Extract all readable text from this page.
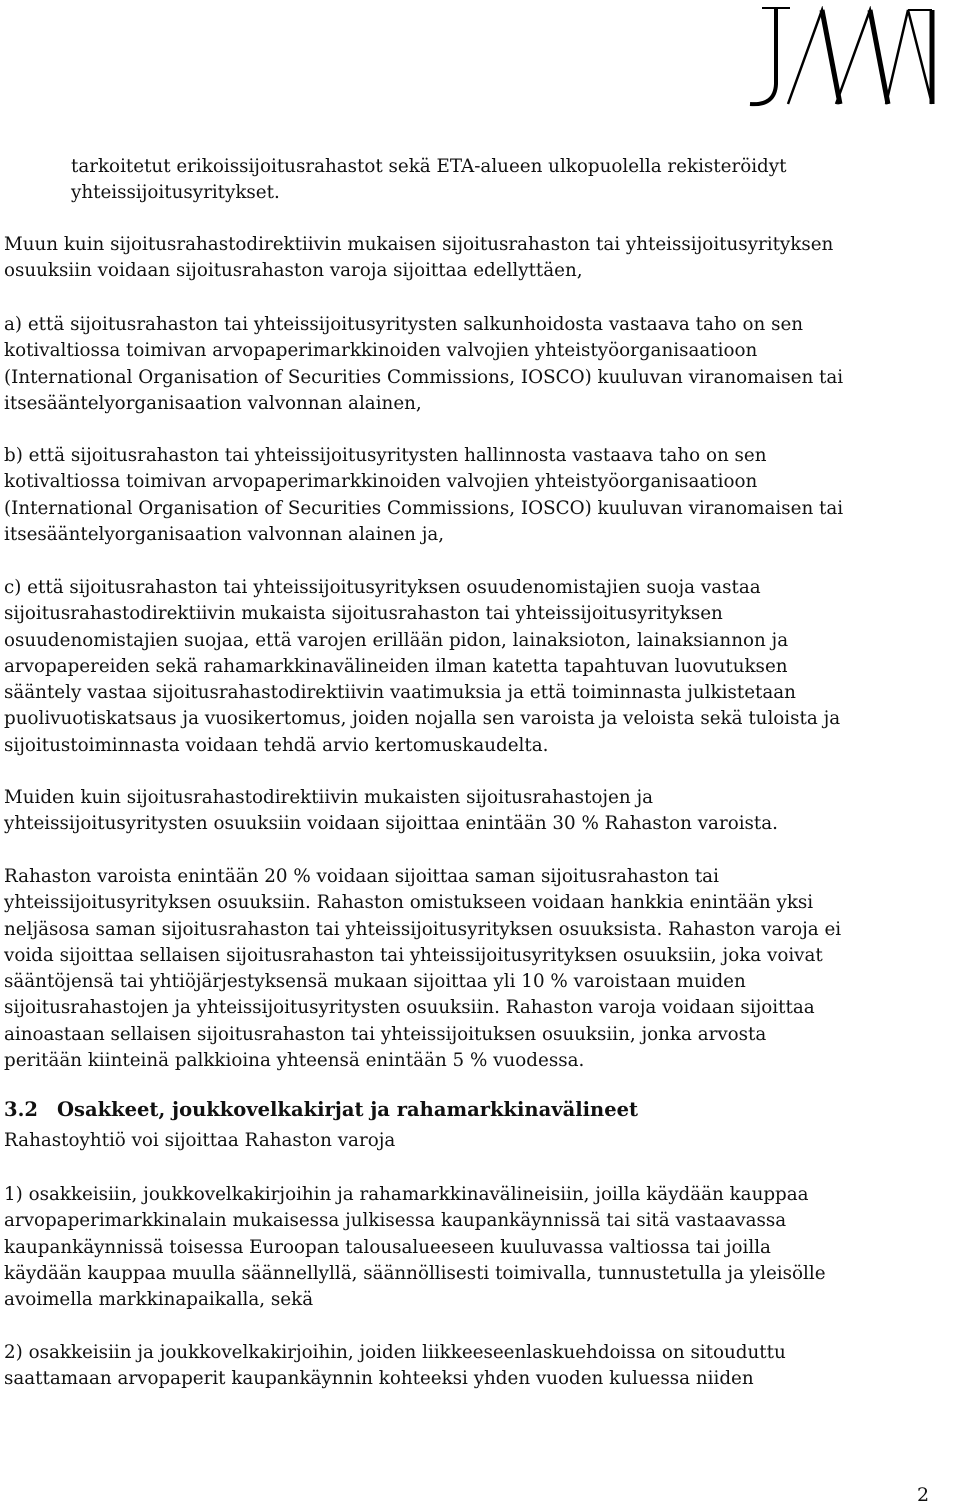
tarkoitetut erikoissijoitusrahastot sekä ETA-alueen ulkopuolella rekisteröidyt
yhteissijoitusyritykset.

Muun kuin sijoitusrahastodirektiivin mukaisen sijoitusrahaston tai yhteissijoitusyrityksen
osuuksiin voidaan sijoitusrahaston varoja sijoittaa edellyttäen,

a) että sijoitusrahaston tai yhteissijoitusyritysten salkunhoidosta vastaava taho on sen
kotivaltiossa toimivan arvopaperimarkkinoiden valvojien yhteistyöorganisaatioon
(International Organisation of Securities Commissions, IOSCO) kuuluvan viranomaisen tai
itsesääntelyorganisaation valvonnan alainen,

b) että sijoitusrahaston tai yhteissijoitusyritysten hallinnosta vastaava taho on sen
kotivaltiossa toimivan arvopaperimarkkinoiden valvojien yhteistyöorganisaatioon
(International Organisation of Securities Commissions, IOSCO) kuuluvan viranomaisen tai
itsesääntelyorganisaation valvonnan alainen ja,

c) että sijoitusrahaston tai yhteissijoitusyrityksen osuudenomistajien suoja vastaa
sijoitusrahastodirektiivin mukaista sijoitusrahaston tai yhteissijoitusyrityksen
osuudenomistajien suojaa, että varojen erillään pidon, lainaksioton, lainaksiannon ja
arvopapereiden sekä rahamarkkinavälineiden ilman katetta tapahtuvan luovutuksen
sääntely vastaa sijoitusrahastodirektiivin vaatimuksia ja että toiminnasta julkistetaan
puolivuotiskatsaus ja vuosikertomus, joiden nojalla sen varoista ja veloista sekä tuloista ja
sijoitustoiminnasta voidaan tehdä arvio kertomuskaudelta.

Muiden kuin sijoitusrahastodirektiivin mukaisten sijoitusrahastojen ja
yhteissijoitusyritysten osuuksiin voidaan sijoittaa enintään 30 % Rahaston varoista.

Rahaston varoista enintään 20 % voidaan sijoittaa saman sijoitusrahaston tai
yhteissijoitusyrityksen osuuksiin. Rahaston omistukseen voidaan hankkia enintään yksi
neljäsosa saman sijoitusrahaston tai yhteissijoitusyrityksen osuuksista. Rahaston varoja ei
voida sijoittaa sellaisen sijoitusrahaston tai yhteissijoitusyrityksen osuuksiin, joka voivat
sääntöjensä tai yhtiöjärjestyksensä mukaan sijoittaa yli 10 % varoistaan muiden
sijoitusrahastojen ja yhteissijoitusyritysten osuuksiin. Rahaston varoja voidaan sijoittaa
ainoastaan sellaisen sijoitusrahaston tai yhteissijoituksen osuuksiin, jonka arvosta
peritään kiinteinä palkkioina yhteensä enintään 5 % vuodessa.

3.2 Osakkeet, joukkovelkakirjat ja rahamarkkinavälineet

Rahastoyhtiö voi sijoittaa Rahaston varoja

1) osakkeisiin, joukkovelkakirjoihin ja rahamarkkinavälineisiin, joilla käydään kauppaa
arvopaperimarkkinalain mukaisessa julkisessa kaupankäynnissä tai sitä vastaavassa
kaupankäynnissä toisessa Euroopan talousalueeseen kuuluvassa valtiossa tai joilla
käydään kauppaa muulla säännellyllä, säännöllisesti toimivalla, tunnustetulla ja yleisölle
avoimella markkinapaikalla, sekä

2) osakkeisiin ja joukkovelkakirjoihin, joiden liikkeeseenlaskuehdoissa on sitouduttu
saattamaan arvopaperit kaupankäynnin kohteeksi yhden vuoden kuluessa niiden

2
